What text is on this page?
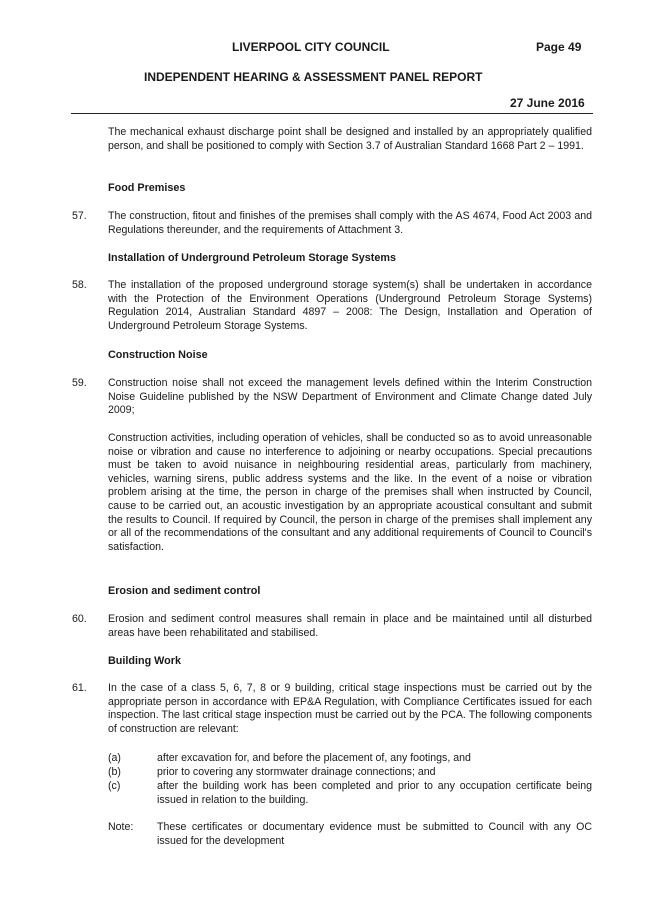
LIVERPOOL CITY COUNCIL	Page 49
INDEPENDENT HEARING & ASSESSMENT PANEL REPORT
27 June 2016
The mechanical exhaust discharge point shall be designed and installed by an appropriately qualified person, and shall be positioned to comply with Section 3.7 of Australian Standard 1668 Part 2 – 1991.
Food Premises
57. The construction, fitout and finishes of the premises shall comply with the AS 4674, Food Act 2003 and Regulations thereunder, and the requirements of Attachment 3.
Installation of Underground Petroleum Storage Systems
58. The installation of the proposed underground storage system(s) shall be undertaken in accordance with the Protection of the Environment Operations (Underground Petroleum Storage Systems) Regulation 2014, Australian Standard 4897 – 2008: The Design, Installation and Operation of Underground Petroleum Storage Systems.
Construction Noise
59. Construction noise shall not exceed the management levels defined within the Interim Construction Noise Guideline published by the NSW Department of Environment and Climate Change dated July 2009;
Construction activities, including operation of vehicles, shall be conducted so as to avoid unreasonable noise or vibration and cause no interference to adjoining or nearby occupations. Special precautions must be taken to avoid nuisance in neighbouring residential areas, particularly from machinery, vehicles, warning sirens, public address systems and the like. In the event of a noise or vibration problem arising at the time, the person in charge of the premises shall when instructed by Council, cause to be carried out, an acoustic investigation by an appropriate acoustical consultant and submit the results to Council. If required by Council, the person in charge of the premises shall implement any or all of the recommendations of the consultant and any additional requirements of Council to Council's satisfaction.
Erosion and sediment control
60. Erosion and sediment control measures shall remain in place and be maintained until all disturbed areas have been rehabilitated and stabilised.
Building Work
61. In the case of a class 5, 6, 7, 8 or 9 building, critical stage inspections must be carried out by the appropriate person in accordance with EP&A Regulation, with Compliance Certificates issued for each inspection. The last critical stage inspection must be carried out by the PCA. The following components of construction are relevant:
(a)	after excavation for, and before the placement of, any footings, and
(b)	prior to covering any stormwater drainage connections; and
(c)	after the building work has been completed and prior to any occupation certificate being issued in relation to the building.
Note: These certificates or documentary evidence must be submitted to Council with any OC issued for the development
